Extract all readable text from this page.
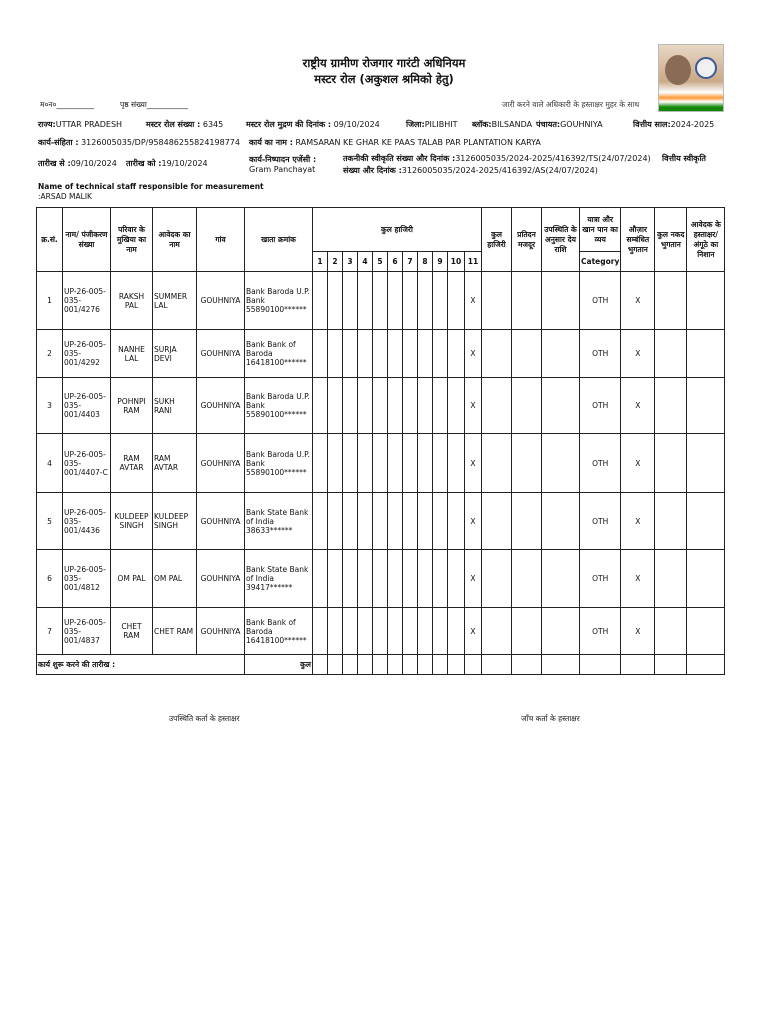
राष्ट्रीय ग्रामीण रोजगार गारंटी अधिनियम
मस्टर रोल (अकुशल श्रमिको हेतु)
म०न०__________	पृष्ठ संख्या___________	जारी करने वाले अधिकारी के हस्ताक्षर मुहर के साथ
राज्य:UTTAR PRADESH	मस्टर रोल संख्या : 6345	मस्टर रोल मुद्रण की दिनांक : 09/10/2024	जिला:PILIBHIT ब्लॉक:BILSANDA पंचायत:GOUHNIYA	वित्तीय साल:2024-2025
कार्य-संहिता : 3126005035/DP/958486255824198774 कार्य का नाम : RAMSARAN KE GHAR KE PAAS TALAB PAR PLANTATION KARYA
तारीख से :09/10/2024 तारीख को :19/10/2024	कार्य-निष्पादन एजेंसी :
Gram Panchayat
तकनीकी स्वीकृति संख्या और दिनांक :3126005035/2024-2025/416392/TS(24/07/2024) वित्तीय स्वीकृति
संख्या और दिनांक :3126005035/2024-2025/416392/AS(24/07/2024)
Name of technical staff responsible for measurement
:ARSAD MALIK
क्र.सं.	नाम/ पंजीकरण संख्या	परिवार के मुखिया का नाम	आवेदक का नाम	गांव	खाता क्रमांक	कुल हाजिरी											कुल हाजिरी	प्रतिदन मजदूर	उपस्थिति के अनुसार देय राशि	यात्रा और खान पान का व्यय	औज़ार सम्बंधित भुगतान	कुल नकद भुगतान	आवेदक के हस्ताक्षर/ अंगूठे का निशान
						1	2	3	4	5	6	7	8	9	10	11				Category			
1	UP-26-005-035-001/4276	RAKSH PAL	SUMMER LAL	GOUHNIYA	Bank Baroda U.P. Bank 55890100******											X				OTH	X		
2	UP-26-005-035-001/4292	NANHE LAL	SURJA DEVI	GOUHNIYA	Bank Bank of Baroda 16418100******											X				OTH	X		
3	UP-26-005-035-001/4403	POHNPI RAM	SUKH RANI	GOUHNIYA	Bank Baroda U.P. Bank 55890100******											X				OTH	X		
4	UP-26-005-035-001/4407-C	RAM AVTAR	RAM AVTAR	GOUHNIYA	Bank Baroda U.P. Bank 55890100******											X				OTH	X		
5	UP-26-005-035-001/4436	KULDEEP SINGH	KULDEEP SINGH	GOUHNIYA	Bank State Bank of India 38633******											X				OTH	X		
6	UP-26-005-035-001/4812	OM PAL	OM PAL	GOUHNIYA	Bank State Bank of India 39417******											X				OTH	X		
7	UP-26-005-035-001/4837	CHET RAM	CHET RAM	GOUHNIYA	Bank Bank of Baroda 16418100******											X				OTH	X		
कार्य शुरू करने की तारीख :					कुल																		
उपस्थिति कर्ता के हस्ताक्षर	जाँच कर्ता के हस्ताक्षर
